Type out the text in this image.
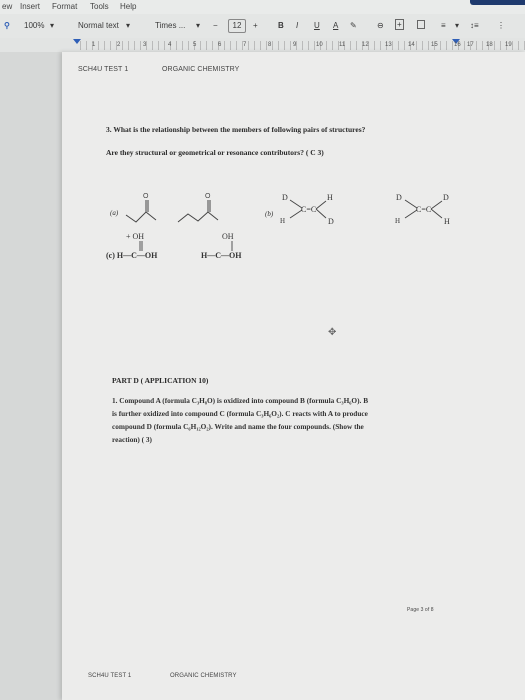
ew Insert Format Tools Help
⚲ 100% ▾	Normal text ▾	Times ... ▾ −	12	+	B I U A ✎	⊖ +	≡ ▾ ↕≡ ⋮
1	2	3	4	5	6	7	8	9	10	11	12	13	14	15	16 17 18 19
SCH4U TEST 1	ORGANIC CHEMISTRY
3. What is the relationship between the members of following pairs of structures?
Are they structural or geometrical or resonance contributors? ( C 3)
(a)
O	O
(b)
D
H
C=C
H
D
D
H
C=C
D
H
+ OH	OH
(c) H—C—OH	H—C—OH
✥
PART D ( APPLICATION 10)
1. Compound A (formula C₃H₈O) is oxidized into compound B (formula C₃H₆O). B
is further oxidized into compound C (formula C₃H₆O₂). C reacts with A to produce
compound D (formula C₆H₁₂O₂). Write and name the four compounds. (Show the
reaction) ( 3)
Page 3 of 8
SCH4U TEST 1	ORGANIC CHEMISTRY
